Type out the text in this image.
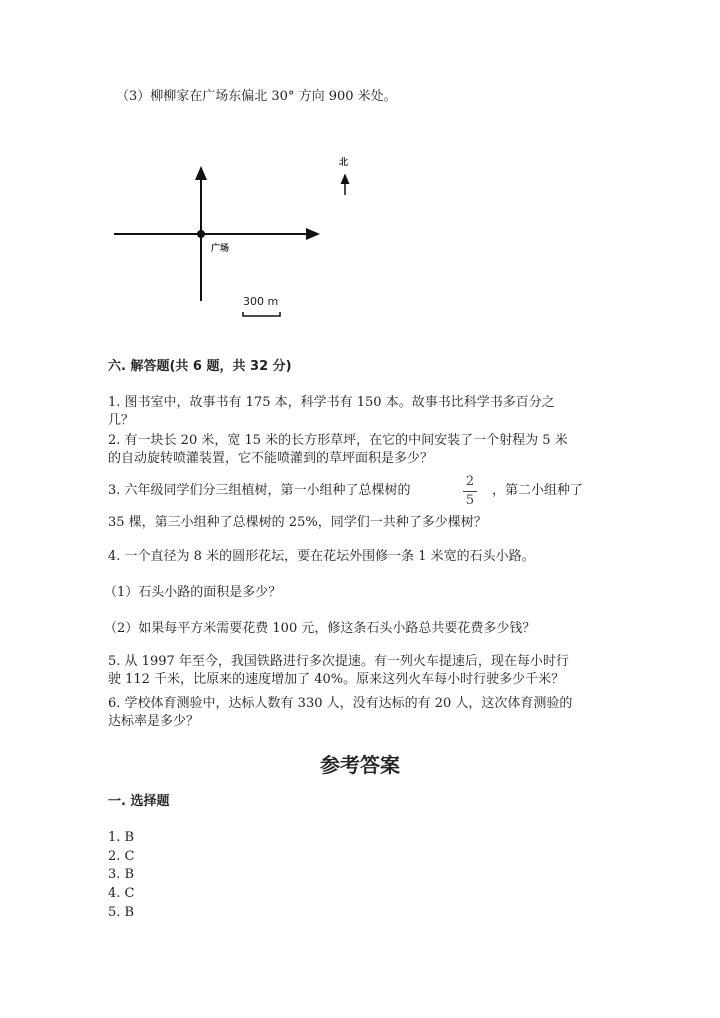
（3）柳柳家在广场东偏北 30° 方向 900 米处。
北
广场
300 m
六. 解答题(共 6 题，共 32 分)
1. 图书室中，故事书有 175 本，科学书有 150 本。故事书比科学书多百分之
几？
2. 有一块长 20 米，宽 15 米的长方形草坪，在它的中间安装了一个射程为 5 米
的自动旋转喷灌装置，它不能喷灌到的草坪面积是多少？
3. 六年级同学们分三组植树，第一小组种了总棵树的
2
5
，第二小组种了
35 棵，第三小组种了总棵树的 25%，同学们一共种了多少棵树？
4. 一个直径为 8 米的圆形花坛，要在花坛外围修一条 1 米宽的石头小路。
（1）石头小路的面积是多少？
（2）如果每平方米需要花费 100 元，修这条石头小路总共要花费多少钱？
5. 从 1997 年至今，我国铁路进行多次提速。有一列火车提速后，现在每小时行
驶 112 千米，比原来的速度增加了 40%。原来这列火车每小时行驶多少千米？
6. 学校体育测验中，达标人数有 330 人，没有达标的有 20 人，这次体育测验的
达标率是多少？
参考答案
一. 选择题
1. B
2. C
3. B
4. C
5. B
